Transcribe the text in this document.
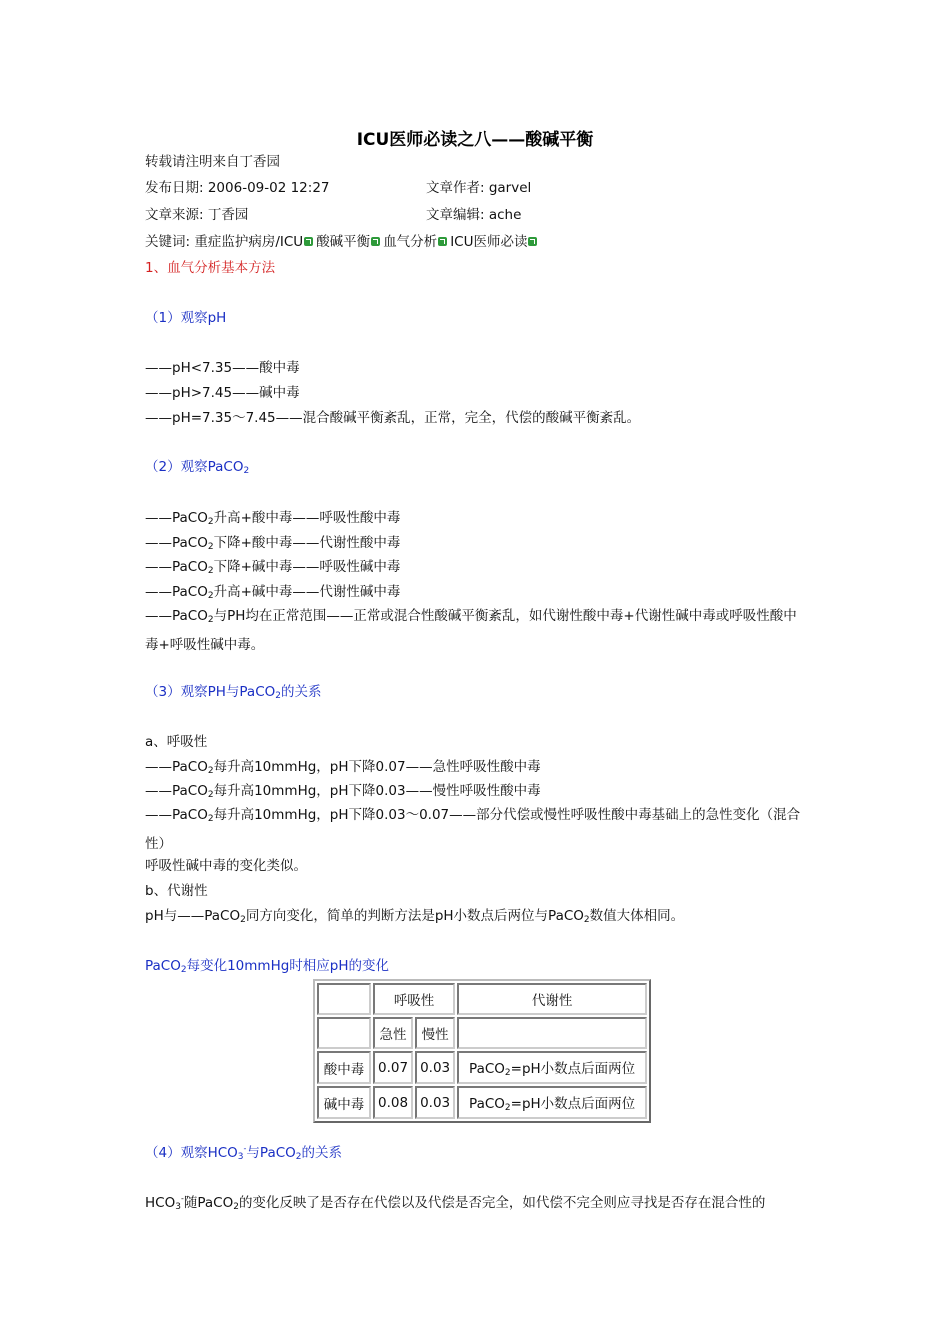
ICU医师必读之八——酸碱平衡
转载请注明来自丁香园
发布日期: 2006-09-02 12:27	文章作者: garvel
文章来源: 丁香园	文章编辑: ache
关键词: 重症监护病房/ICU 酸碱平衡 血气分析 ICU医师必读
1、血气分析基本方法
（1）观察pH
——pH<7.35——酸中毒
——pH>7.45——碱中毒
——pH=7.35～7.45——混合酸碱平衡紊乱，正常，完全，代偿的酸碱平衡紊乱。
（2）观察PaCO$_2$
——PaCO$_2$升高+酸中毒——呼吸性酸中毒
——PaCO$_2$下降+酸中毒——代谢性酸中毒
——PaCO$_2$下降+碱中毒——呼吸性碱中毒
——PaCO$_2$升高+碱中毒——代谢性碱中毒
——PaCO$_2$与PH均在正常范围——正常或混合性酸碱平衡紊乱，如代谢性酸中毒+代谢性碱中毒或呼吸性酸中毒+呼吸性碱中毒。
（3）观察PH与PaCO$_2$的关系
a、呼吸性
——PaCO$_2$每升高10mmHg，pH下降0.07——急性呼吸性酸中毒
——PaCO$_2$每升高10mmHg，pH下降0.03——慢性呼吸性酸中毒
——PaCO$_2$每升高10mmHg，pH下降0.03～0.07——部分代偿或慢性呼吸性酸中毒基础上的急性变化（混合性）
呼吸性碱中毒的变化类似。
b、代谢性
pH与——PaCO$_2$同方向变化，简单的判断方法是pH小数点后两位与PaCO$_2$数值大体相同。
PaCO$_2$每变化10mmHg时相应pH的变化
	呼吸性		代谢性
	急性	慢性	
酸中毒	0.07	0.03	PaCO$_2$=pH小数点后面两位
碱中毒	0.08	0.03	PaCO$_2$=pH小数点后面两位
（4）观察$HCO_3^-$与PaCO$_2$的关系
$HCO_3^-$随PaCO$_2$的变化反映了是否存在代偿以及代偿是否完全，如代偿不完全则应寻找是否存在混合性的
